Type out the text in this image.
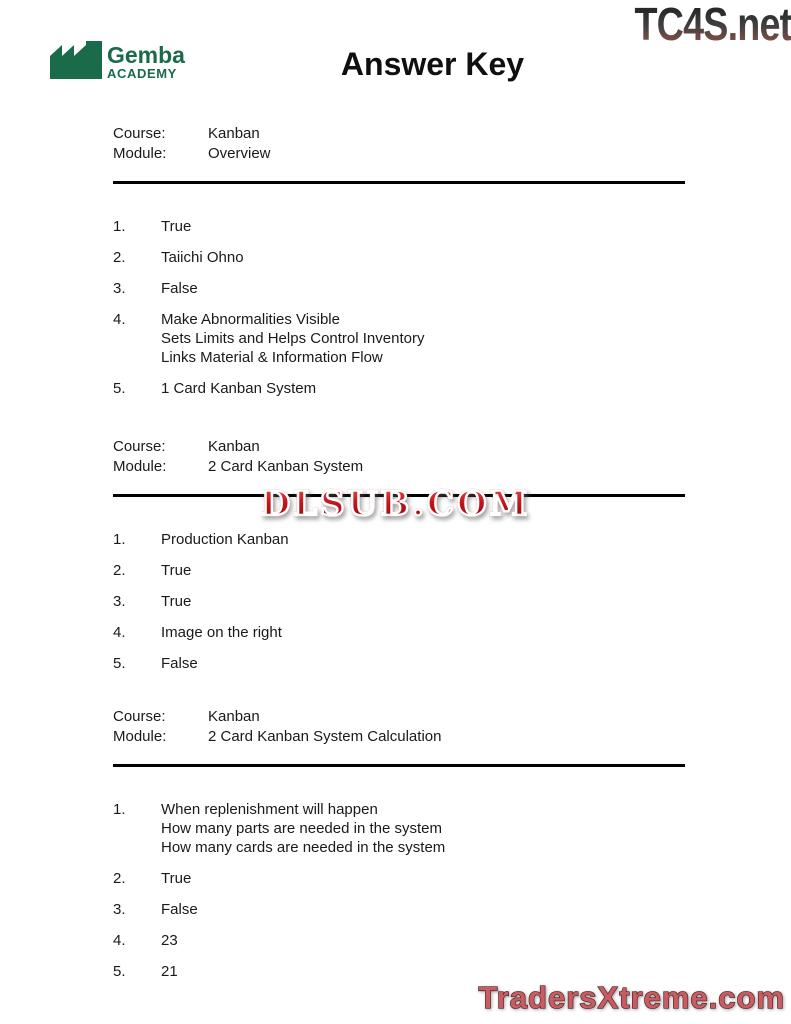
TC4S.net
Gemba
ACADEMY	Answer Key
Course:	Kanban
Module:	Overview
1.	True
2.	Taiichi Ohno
3.	False
4.	Make Abnormalities Visible
Sets Limits and Helps Control Inventory
Links Material & Information Flow
5.	1 Card Kanban System
Course:	Kanban
Module:	2 Card Kanban System
1.	Production Kanban
2.	True
3.	True
4.	Image on the right
5.	False
Course:	Kanban
Module:	2 Card Kanban System Calculation
1.	When replenishment will happen
How many parts are needed in the system
How many cards are needed in the system
2.	True
3.	False
4.	23
5.	21
DLSUB.COM
TradersXtreme.com
